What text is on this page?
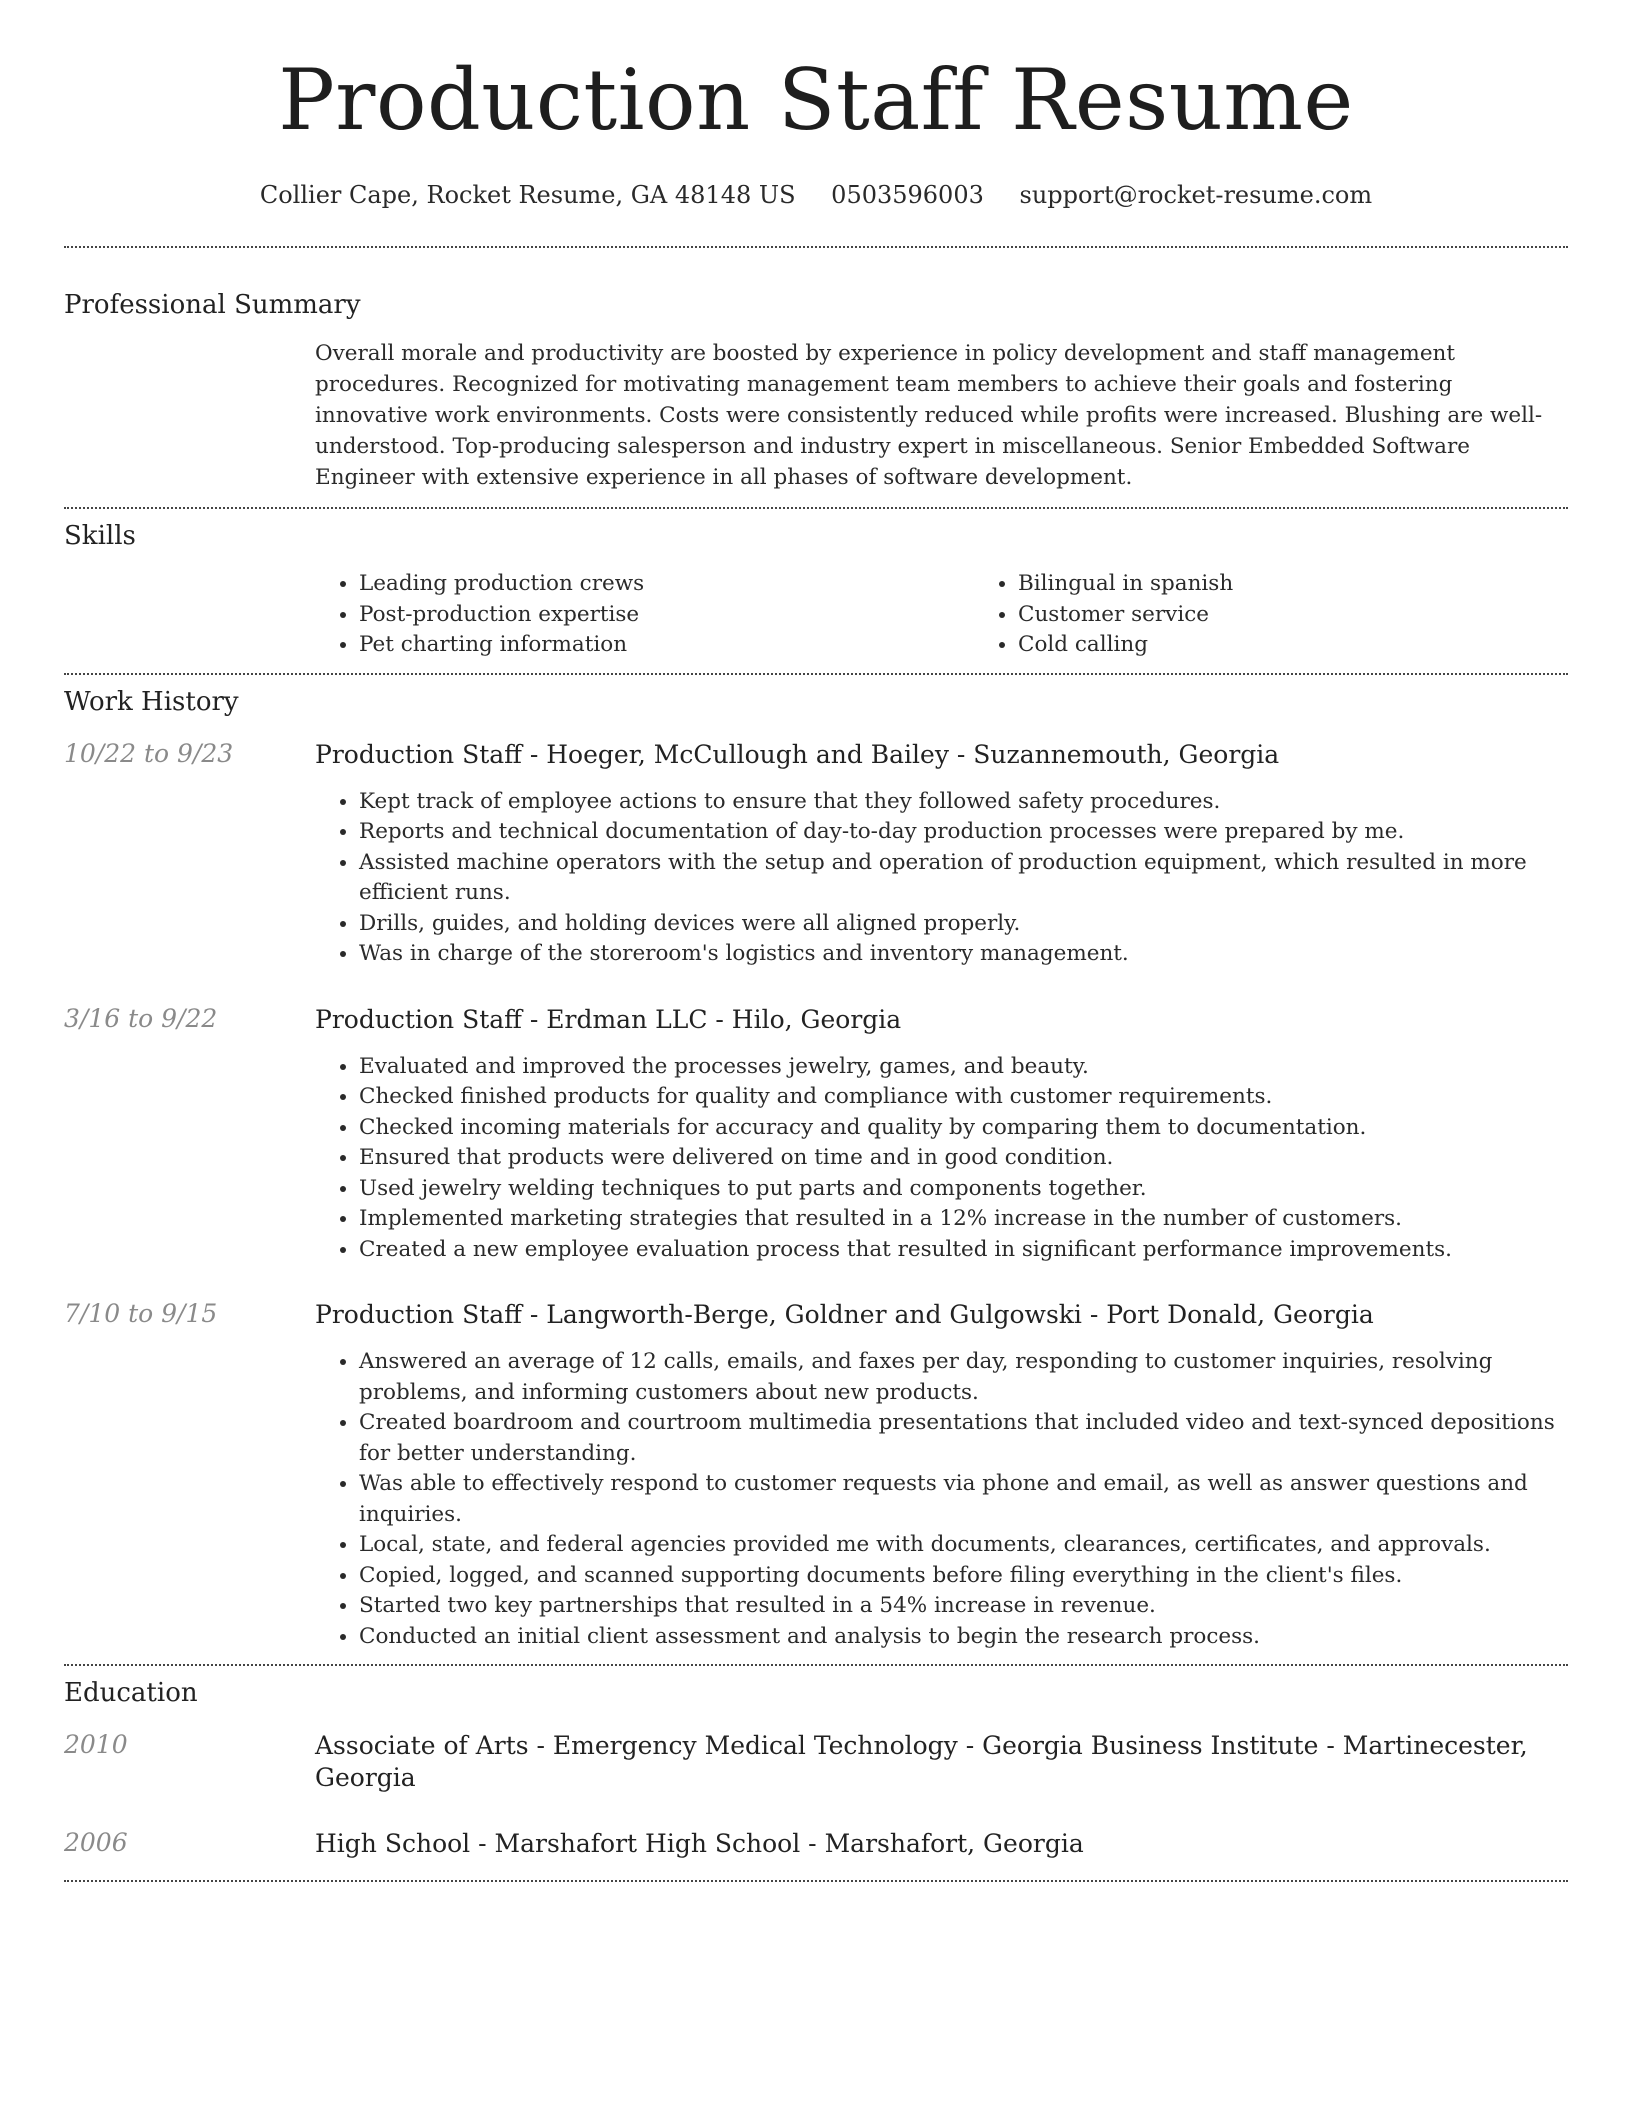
Production Staff Resume
Collier Cape, Rocket Resume, GA 48148 US 0503596003 support@rocket-resume.com
Professional Summary
Overall morale and productivity are boosted by experience in policy development and staff management procedures. Recognized for motivating management team members to achieve their goals and fostering innovative work environments. Costs were consistently reduced while profits were increased. Blushing are well-understood. Top-producing salesperson and industry expert in miscellaneous. Senior Embedded Software Engineer with extensive experience in all phases of software development.
Skills
• Leading production crews
• Post-production expertise
• Pet charting information
• Bilingual in spanish
• Customer service
• Cold calling
Work History
10/22 to 9/23	Production Staff - Hoeger, McCullough and Bailey - Suzannemouth, Georgia
• Kept track of employee actions to ensure that they followed safety procedures.
• Reports and technical documentation of day-to-day production processes were prepared by me.
• Assisted machine operators with the setup and operation of production equipment, which resulted in more efficient runs.
• Drills, guides, and holding devices were all aligned properly.
• Was in charge of the storeroom's logistics and inventory management.
3/16 to 9/22	Production Staff - Erdman LLC - Hilo, Georgia
• Evaluated and improved the processes jewelry, games, and beauty.
• Checked finished products for quality and compliance with customer requirements.
• Checked incoming materials for accuracy and quality by comparing them to documentation.
• Ensured that products were delivered on time and in good condition.
• Used jewelry welding techniques to put parts and components together.
• Implemented marketing strategies that resulted in a 12% increase in the number of customers.
• Created a new employee evaluation process that resulted in significant performance improvements.
7/10 to 9/15	Production Staff - Langworth-Berge, Goldner and Gulgowski - Port Donald, Georgia
• Answered an average of 12 calls, emails, and faxes per day, responding to customer inquiries, resolving problems, and informing customers about new products.
• Created boardroom and courtroom multimedia presentations that included video and text-synced depositions for better understanding.
• Was able to effectively respond to customer requests via phone and email, as well as answer questions and inquiries.
• Local, state, and federal agencies provided me with documents, clearances, certificates, and approvals.
• Copied, logged, and scanned supporting documents before filing everything in the client's files.
• Started two key partnerships that resulted in a 54% increase in revenue.
• Conducted an initial client assessment and analysis to begin the research process.
Education
2010	Associate of Arts - Emergency Medical Technology - Georgia Business Institute - Martinecester, Georgia
2006	High School - Marshafort High School - Marshafort, Georgia
